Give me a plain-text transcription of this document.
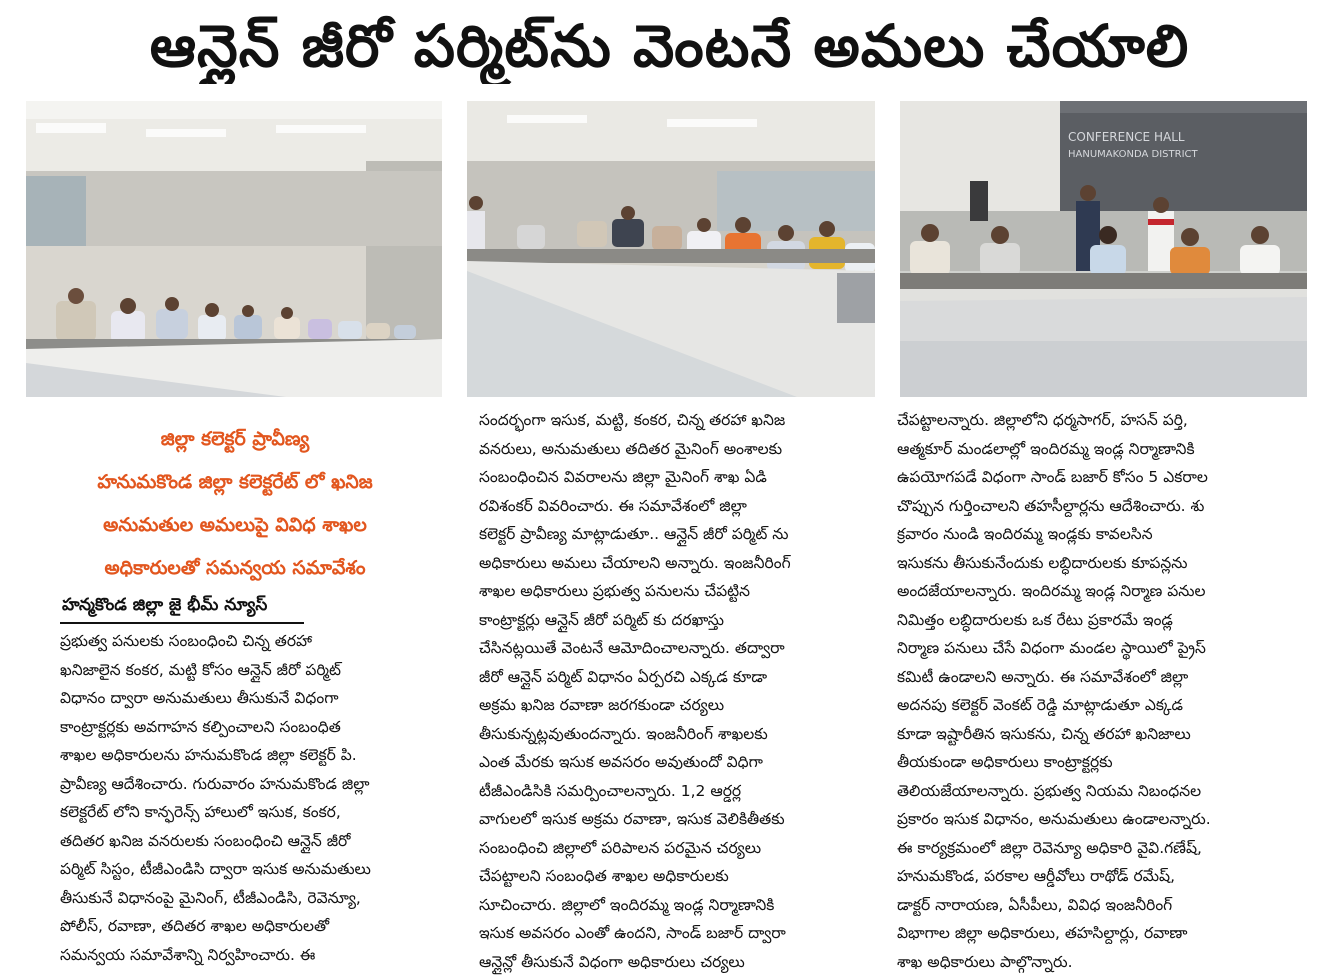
ఆన్లైన్ జీరో పర్మిట్‌ను వెంటనే అమలు చేయాలి
CONFERENCE HALL
HANUMAKONDA DISTRICT
జిల్లా కలెక్టర్ ప్రావీణ్య
హనుమకొండ జిల్లా కలెక్టరేట్ లో ఖనిజ
అనుమతుల అమలుపై వివిధ శాఖల
అధికారులతో సమన్వయ సమావేశం
హన్మకొండ జిల్లా జై భీమ్ న్యూస్
ప్రభుత్వ పనులకు సంబంధించి చిన్న తరహా
ఖనిజాలైన కంకర, మట్టి కోసం ఆన్లైన్ జీరో పర్మిట్
విధానం ద్వారా అనుమతులు తీసుకునే విధంగా
కాంట్రాక్టర్లకు అవగాహన కల్పించాలని సంబంధిత
శాఖల అధికారులను హనుమకొండ జిల్లా కలెక్టర్ పి.
ప్రావీణ్య ఆదేశించారు. గురువారం హనుమకొండ జిల్లా
కలెక్టరేట్ లోని కాన్ఫరెన్స్ హాలులో ఇసుక, కంకర,
తదితర ఖనిజ వనరులకు సంబంధించి ఆన్లైన్ జీరో
పర్మిట్ సిస్టం, టీజీఎండిసి ద్వారా ఇసుక అనుమతులు
తీసుకునే విధానంపై మైనింగ్, టీజీఎండిసి, రెవెన్యూ,
పోలీస్, రవాణా, తదితర శాఖల అధికారులతో
సమన్వయ సమావేశాన్ని నిర్వహించారు. ఈ
సందర్భంగా ఇసుక, మట్టి, కంకర, చిన్న తరహా ఖనిజ
వనరులు, అనుమతులు తదితర మైనింగ్ అంశాలకు
సంబంధించిన వివరాలను జిల్లా మైనింగ్ శాఖ ఏడి
రవిశంకర్ వివరించారు. ఈ సమావేశంలో జిల్లా
కలెక్టర్ ప్రావీణ్య మాట్లాడుతూ.. ఆన్లైన్ జీరో పర్మిట్ ను
అధికారులు అమలు చేయాలని అన్నారు. ఇంజనీరింగ్
శాఖల అధికారులు ప్రభుత్వ పనులను చేపట్టిన
కాంట్రాక్టర్లు ఆన్లైన్ జీరో పర్మిట్ కు దరఖాస్తు
చేసినట్లయితే వెంటనే ఆమోదించాలన్నారు. తద్వారా
జీరో ఆన్లైన్ పర్మిట్ విధానం ఏర్పరచి ఎక్కడ కూడా
అక్రమ ఖనిజ రవాణా జరగకుండా చర్యలు
తీసుకున్నట్లవుతుందన్నారు. ఇంజనీరింగ్ శాఖలకు
ఎంత మేరకు ఇసుక అవసరం అవుతుందో విధిగా
టీజీఎండిసికి సమర్పించాలన్నారు. 1,2 ఆర్డర్ల
వాగులలో ఇసుక అక్రమ రవాణా, ఇసుక వెలికితీతకు
సంబంధించి జిల్లాలో పరిపాలన పరమైన చర్యలు
చేపట్టాలని సంబంధిత శాఖల అధికారులకు
సూచించారు. జిల్లాలో ఇందిరమ్మ ఇండ్ల నిర్మాణానికి
ఇసుక అవసరం ఎంతో ఉందని, సాండ్ బజార్ ద్వారా
ఆన్లైన్లో తీసుకునే విధంగా అధికారులు చర్యలు
చేపట్టాలన్నారు. జిల్లాలోని ధర్మసాగర్, హసన్ పర్తి,
ఆత్మకూర్ మండలాల్లో ఇందిరమ్మ ఇండ్ల నిర్మాణానికి
ఉపయోగపడే విధంగా సాండ్ బజార్ కోసం 5 ఎకరాల
చొప్పున గుర్తించాలని తహసీల్దార్లను ఆదేశించారు. శు
క్రవారం నుండి ఇందిరమ్మ ఇండ్లకు కావలసిన
ఇసుకను తీసుకునేందుకు లబ్ధిదారులకు కూపన్లను
అందజేయాలన్నారు. ఇందిరమ్మ ఇండ్ల నిర్మాణ పనుల
నిమిత్తం లబ్ధిదారులకు ఒక రేటు ప్రకారమే ఇండ్ల
నిర్మాణ పనులు చేసే విధంగా మండల స్థాయిలో ప్రైస్
కమిటీ ఉండాలని అన్నారు. ఈ సమావేశంలో జిల్లా
అదనపు కలెక్టర్ వెంకట్ రెడ్డి మాట్లాడుతూ ఎక్కడ
కూడా ఇష్టారీతిన ఇసుకను, చిన్న తరహా ఖనిజాలు
తీయకుండా అధికారులు కాంట్రాక్టర్లకు
తెలియజేయాలన్నారు. ప్రభుత్వ నియమ నిబంధనల
ప్రకారం ఇసుక విధానం, అనుమతులు ఉండాలన్నారు.
ఈ కార్యక్రమంలో జిల్లా రెవెన్యూ అధికారి వైవి.గణేష్,
హనుమకొండ, పరకాల ఆర్డీవోలు రాథోడ్ రమేష్,
డాక్టర్ నారాయణ, ఏసీపీలు, వివిధ ఇంజనీరింగ్
విభాగాల జిల్లా అధికారులు, తహసిల్దార్లు, రవాణా
శాఖ అధికారులు పాల్గొన్నారు.
